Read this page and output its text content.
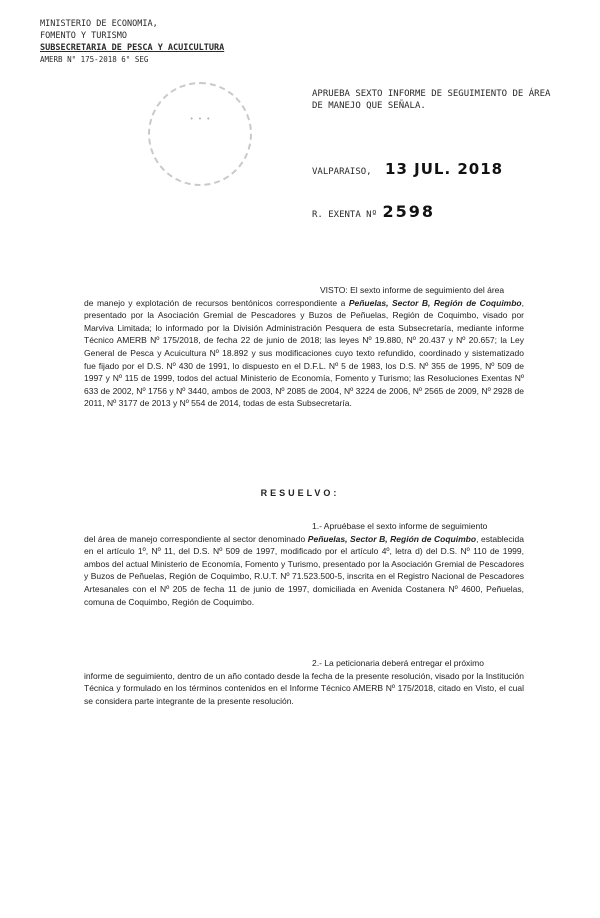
MINISTERIO DE ECONOMIA,
FOMENTO Y TURISMO
SUBSECRETARIA DE PESCA Y ACUICULTURA
AMERB N° 175-2018 6° SEG
• • •
APRUEBA SEXTO INFORME DE SEGUIMIENTO DE ÁREA DE MANEJO QUE SEÑALA.
VALPARAISO, 13 JUL. 2018
R. EXENTA Nº 2598
VISTO: El sexto informe de seguimiento del área
de manejo y explotación de recursos bentónicos correspondiente a Peñuelas, Sector B, Región de Coquimbo, presentado por la Asociación Gremial de Pescadores y Buzos de Peñuelas, Región de Coquimbo, visado por Marviva Limitada; lo informado por la División Administración Pesquera de esta Subsecretaría, mediante informe Técnico AMERB Nº 175/2018, de fecha 22 de junio de 2018; las leyes Nº 19.880, Nº 20.437 y Nº 20.657; la Ley General de Pesca y Acuicultura Nº 18.892 y sus modificaciones cuyo texto refundido, coordinado y sistematizado fue fijado por el D.S. Nº 430 de 1991, lo dispuesto en el D.F.L. Nº 5 de 1983, los D.S. Nº 355 de 1995, Nº 509 de 1997 y Nº 115 de 1999, todos del actual Ministerio de Economía, Fomento y Turismo; las Resoluciones Exentas Nº 633 de 2002, Nº 1756 y Nº 3440, ambos de 2003, Nº 2085 de 2004, Nº 3224 de 2006, Nº 2565 de 2009, Nº 2928 de 2011, Nº 3177 de 2013 y Nº 554 de 2014, todas de esta Subsecretaría.
RESUELVO:
1.- Apruébase el sexto informe de seguimiento
del área de manejo correspondiente al sector denominado Peñuelas, Sector B, Región de Coquimbo, establecida en el artículo 1º, Nº 11, del D.S. Nº 509 de 1997, modificado por el artículo 4º, letra d) del D.S. Nº 110 de 1999, ambos del actual Ministerio de Economía, Fomento y Turismo, presentado por la Asociación Gremial de Pescadores y Buzos de Peñuelas, Región de Coquimbo, R.U.T. Nº 71.523.500-5, inscrita en el Registro Nacional de Pescadores Artesanales con el Nº 205 de fecha 11 de junio de 1997, domiciliada en Avenida Costanera Nº 4600, Peñuelas, comuna de Coquimbo, Región de Coquimbo.
2.- La peticionaria deberá entregar el próximo
informe de seguimiento, dentro de un año contado desde la fecha de la presente resolución, visado por la Institución Técnica y formulado en los términos contenidos en el Informe Técnico AMERB Nº 175/2018, citado en Visto, el cual se considera parte integrante de la presente resolución.
